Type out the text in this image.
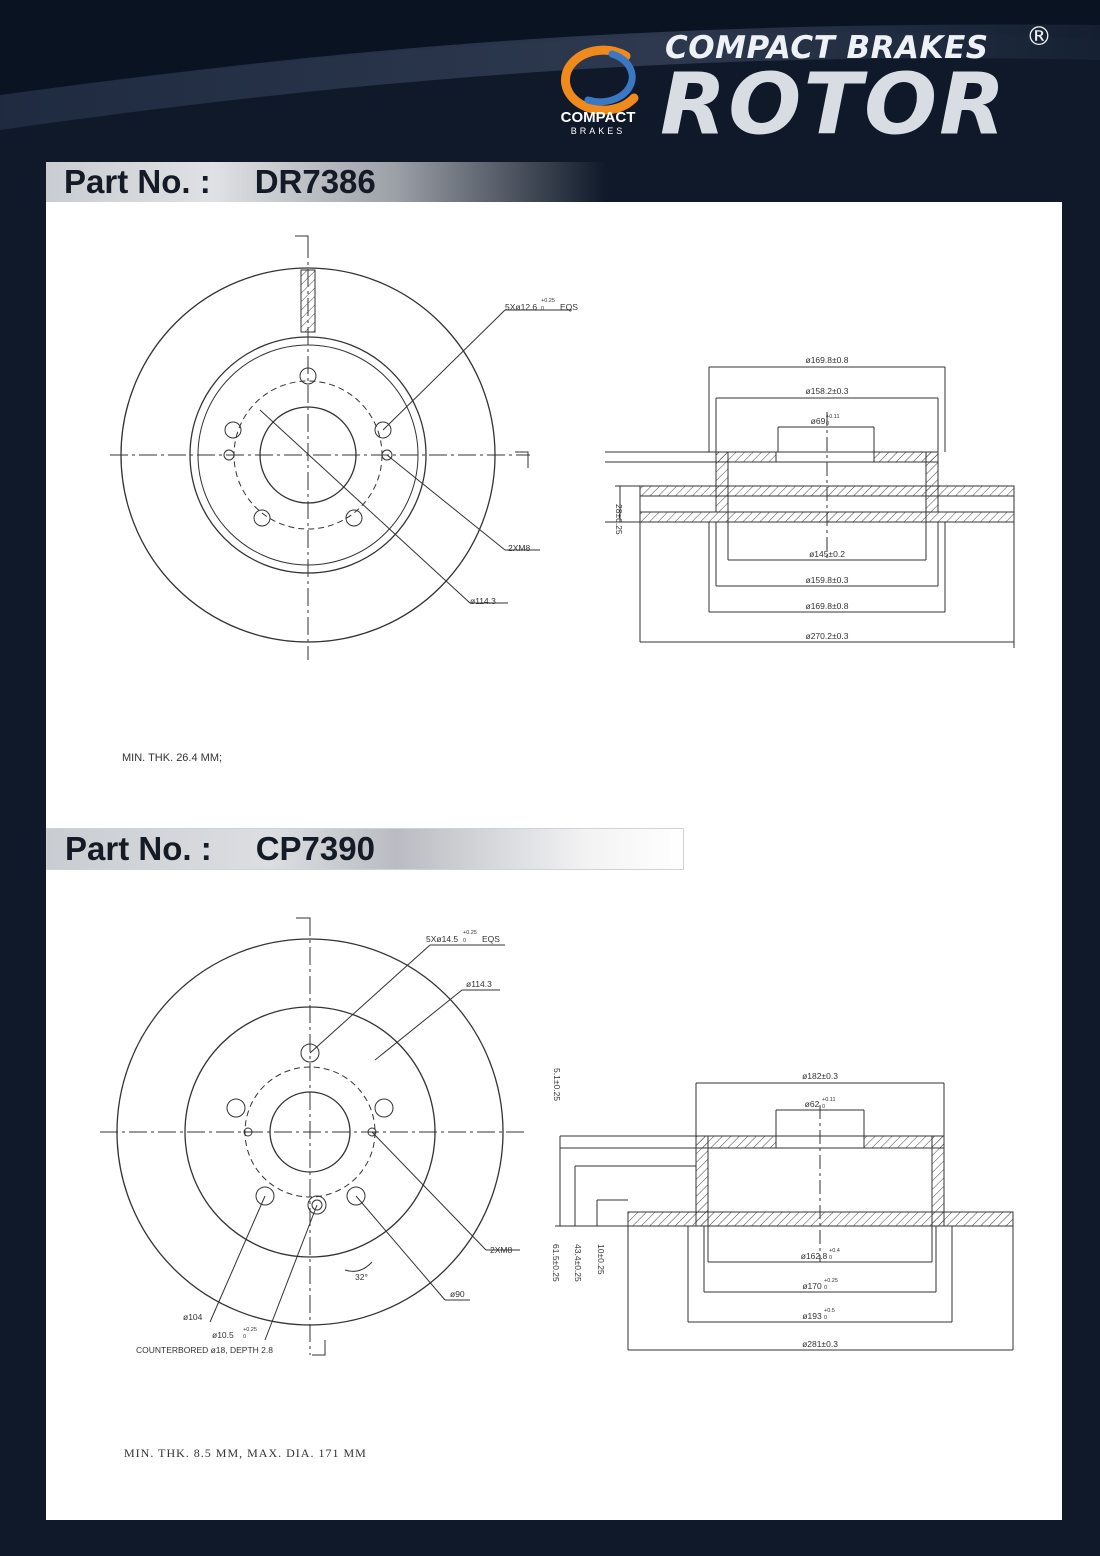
COMPACT
BRAKES
COMPACT BRAKES ®
ROTOR
Part No. : DR7386
Part No. : CP7390
5Xø12.6
+0.25
0 EQS
2XM8
ø114.3
ø169.8±0.8
ø158.2±0.3
ø69 +0.11
0
28±0.25
ø145±0.2
ø159.8±0.3
ø169.8±0.8
ø270.2±0.3
5Xø14.5
+0.25
0 EQS
ø114.3
2XM8
ø90
32°
ø104
ø10.5 +0.25
0
COUNTERBORED ø18, DEPTH 2.8
ø182±0.3
ø62 +0.11
0
5.1±0.25
61.5±0.25 43.4±0.25 10±0.25	ø162.8 +0.4
0
ø170 +0.25
0
ø193 +0.5
0
ø281±0.3
MIN. THK. 26.4 MM;
MIN. THK. 8.5 MM, MAX. DIA. 171 MM
